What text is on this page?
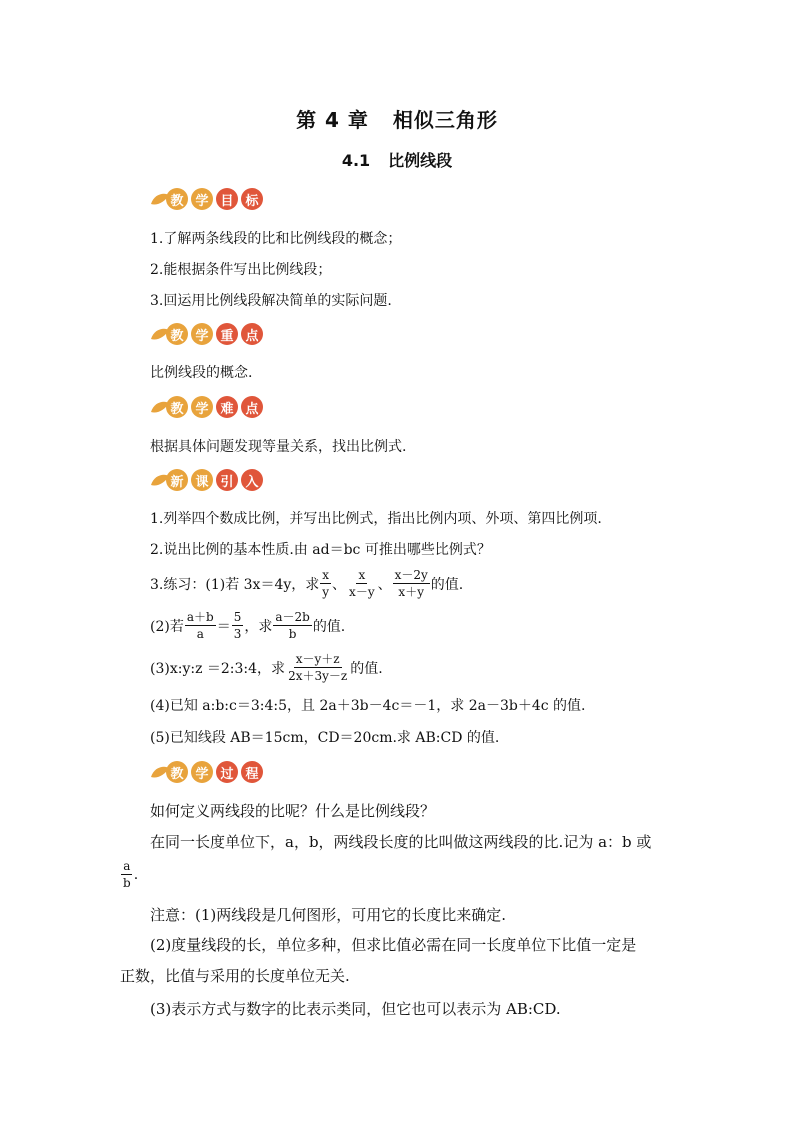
第 4 章 相似三角形
4.1 比例线段
教 学 目 标
1.了解两条线段的比和比例线段的概念；
2.能根据条件写出比例线段；
3.回运用比例线段解决简单的实际问题.
教 学 重 点
比例线段的概念.
教 学 难 点
根据具体问题发现等量关系，找出比例式.
新 课 引 入
1.列举四个数成比例，并写出比例式，指出比例内项、外项、第四比例项.
2.说出比例的基本性质.由 ad＝bc 可推出哪些比例式？
3.练习：(1)若 3x＝4y，求 $\frac{x}{y}$ 、 $\frac{x}{x-y}$ 、 $\frac{x-2y}{x+y}$ 的值.
(2)若 $\frac{a+b}{a} = \frac{5}{3}$ ，求 $\frac{a-2b}{b}$ 的值.
(3)x:y:z ＝2:3:4，求 $\frac{x-y+z}{2x+3y-z}$ 的值.
(4)已知 a:b:c＝3:4:5，且 2a＋3b－4c＝－1，求 2a－3b＋4c 的值.
(5)已知线段 AB＝15cm，CD＝20cm.求 AB:CD 的值.
教 学 过 程
如何定义两线段的比呢？什么是比例线段？
在同一长度单位下，a，b，两线段长度的比叫做这两线段的比.记为 a：b 或
$\frac{a}{b}$ .
注意：(1)两线段是几何图形，可用它的长度比来确定.
(2)度量线段的长，单位多种，但求比值必需在同一长度单位下比值一定是
正数，比值与采用的长度单位无关.
(3)表示方式与数字的比表示类同，但它也可以表示为 AB:CD.
